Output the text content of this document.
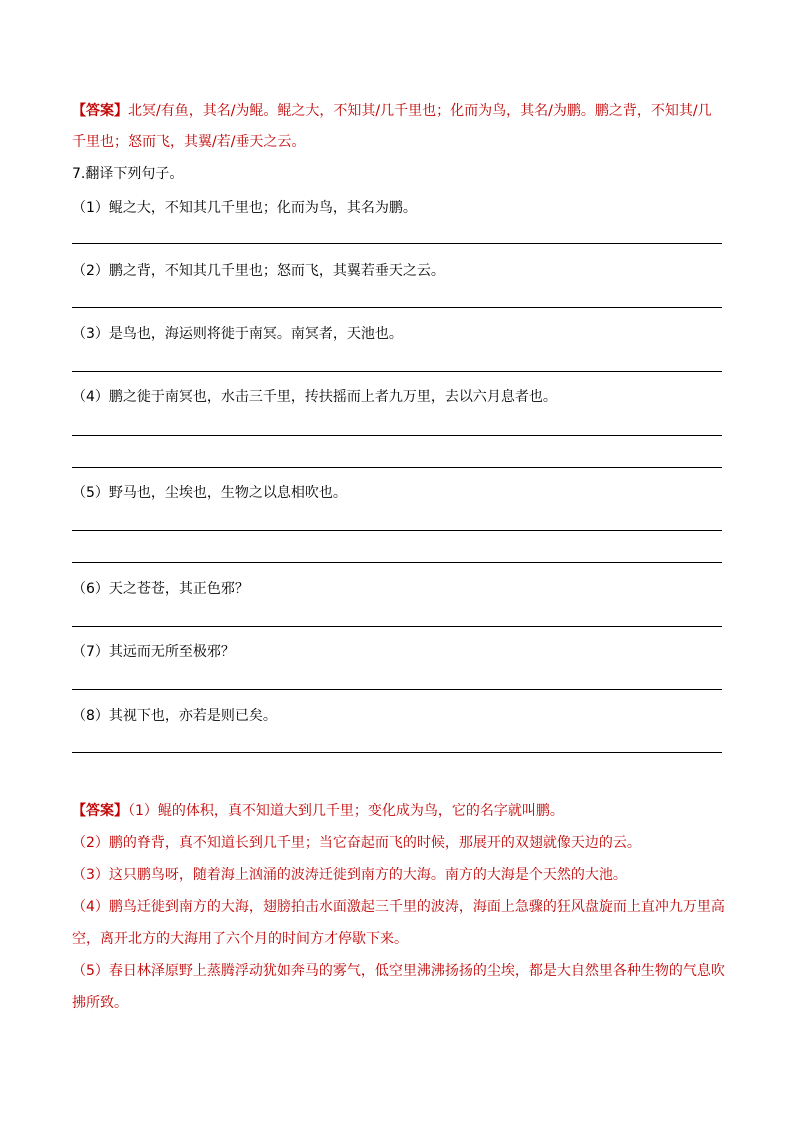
【答案】北冥/有鱼，其名/为鲲。鲲之大，不知其/几千里也；化而为鸟，其名/为鹏。鹏之背，不知其/几
千里也；怒而飞，其翼/若/垂天之云。
7.翻译下列句子。
（1）鲲之大，不知其几千里也；化而为鸟，其名为鹏。
（2）鹏之背，不知其几千里也；怒而飞，其翼若垂天之云。
（3）是鸟也，海运则将徙于南冥。南冥者，天池也。
（4）鹏之徙于南冥也，水击三千里，抟扶摇而上者九万里，去以六月息者也。
（5）野马也，尘埃也，生物之以息相吹也。
（6）天之苍苍，其正色邪？
（7）其远而无所至极邪？
（8）其视下也，亦若是则已矣。
【答案】（1）鲲的体积，真不知道大到几千里；变化成为鸟，它的名字就叫鹏。
（2）鹏的脊背，真不知道长到几千里；当它奋起而飞的时候，那展开的双翅就像天边的云。
（3）这只鹏鸟呀，随着海上汹涌的波涛迁徙到南方的大海。南方的大海是个天然的大池。
（4）鹏鸟迁徙到南方的大海，翅膀拍击水面激起三千里的波涛，海面上急骤的狂风盘旋而上直冲九万里高
空，离开北方的大海用了六个月的时间方才停歇下来。
（5）春日林泽原野上蒸腾浮动犹如奔马的雾气，低空里沸沸扬扬的尘埃，都是大自然里各种生物的气息吹
拂所致。
